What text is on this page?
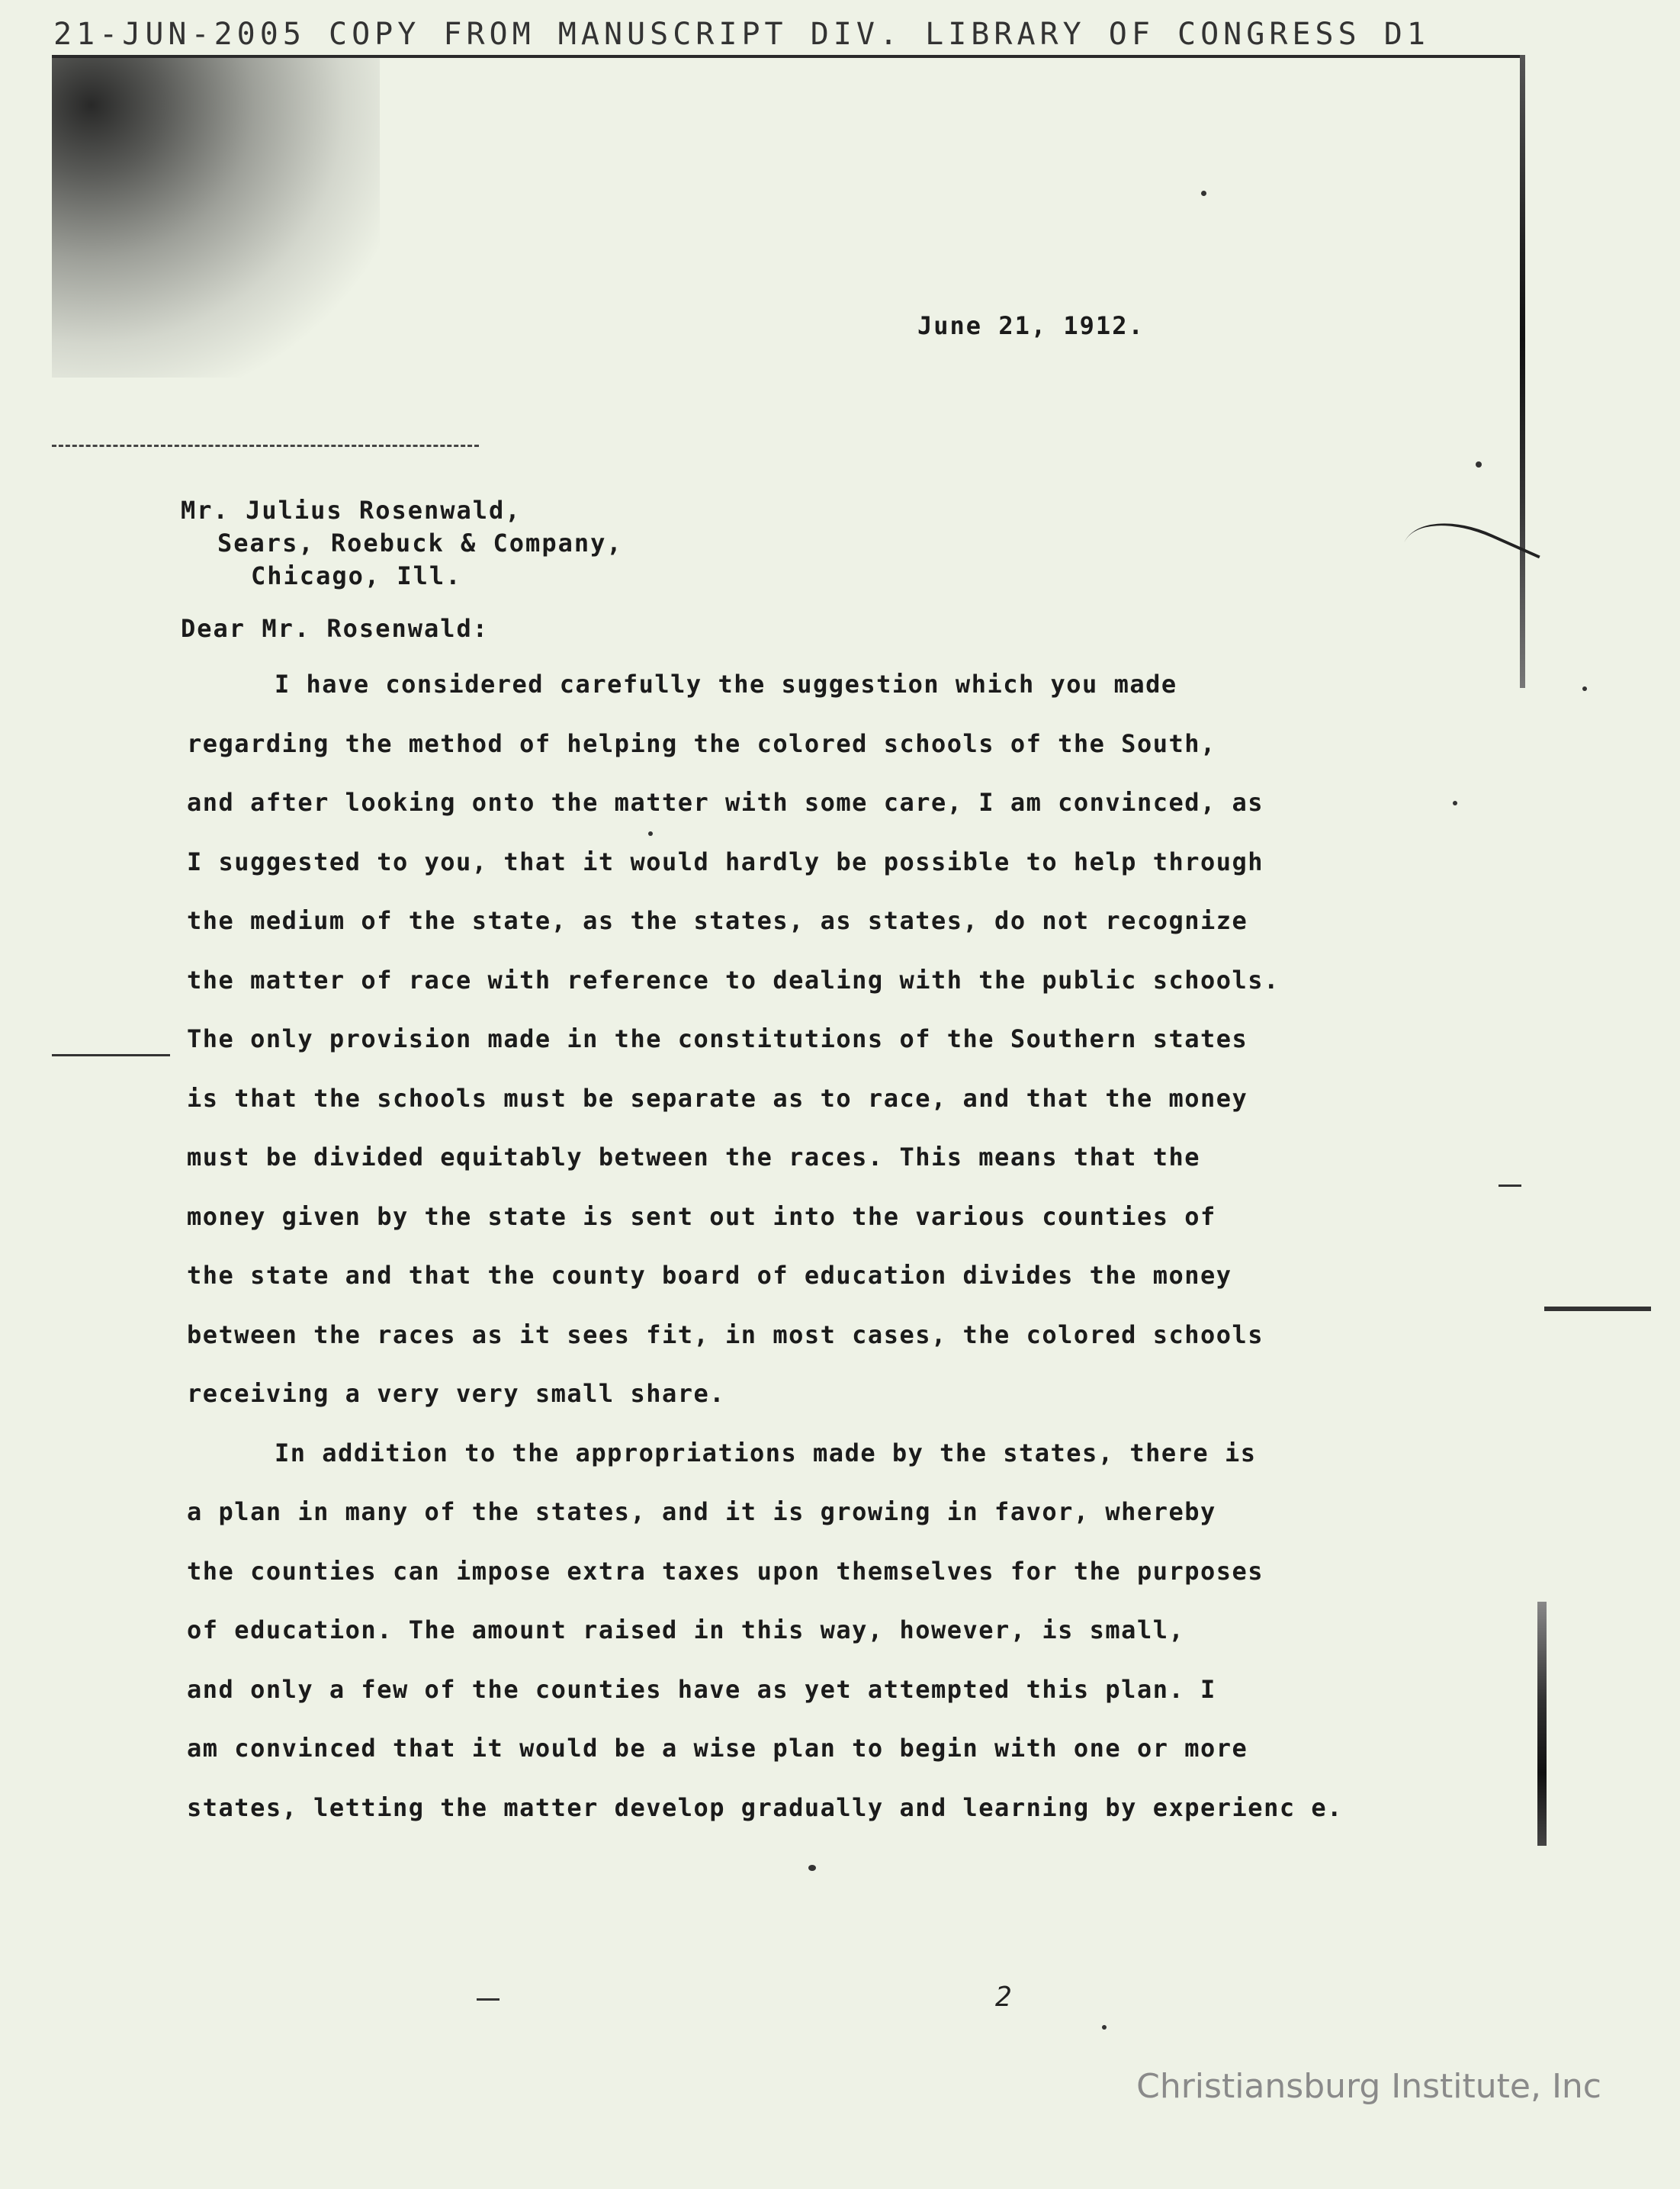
21-JUN-2005 COPY FROM MANUSCRIPT DIV. LIBRARY OF CONGRESS D1
June 21, 1912.
Mr. Julius Rosenwald,
Sears, Roebuck & Company,
Chicago, Ill.
Dear Mr. Rosenwald:
I have considered carefully the suggestion which you made
regarding the method of helping the colored schools of the South,
and after looking onto the matter with some care, I am convinced, as
I suggested to you, that it would hardly be possible to help through
the medium of the state, as the states, as states, do not recognize
the matter of race with reference to dealing with the public schools.
The only provision made in the constitutions of the Southern states
is that the schools must be separate as to race, and that the money
must be divided equitably between the races. This means that the
money given by the state is sent out into the various counties of
the state and that the county board of education divides the money
between the races as it sees fit, in most cases, the colored schools
receiving a very very small share.
In addition to the appropriations made by the states, there is
a plan in many of the states, and it is growing in favor, whereby
the counties can impose extra taxes upon themselves for the purposes
of education. The amount raised in this way, however, is small,
and only a few of the counties have as yet attempted this plan. I
am convinced that it would be a wise plan to begin with one or more
states, letting the matter develop gradually and learning by experienc e.
2
Christiansburg Institute, Inc
